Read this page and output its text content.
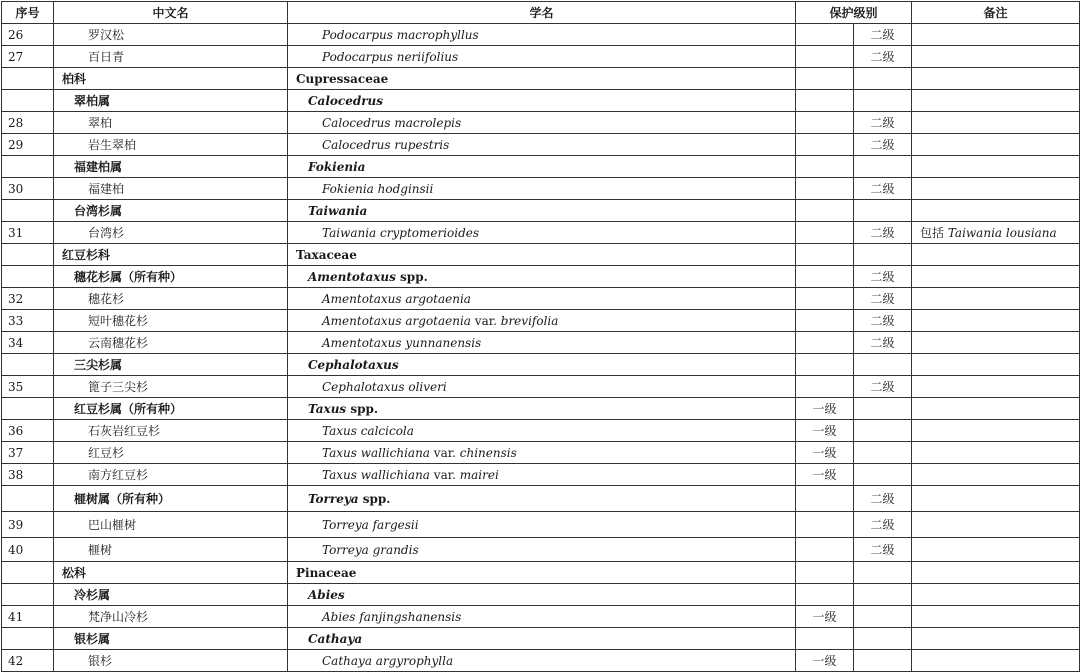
序号	中文名	学名	保护级别		备注
26	罗汉松	Podocarpus macrophyllus		二级	
27	百日青	Podocarpus neriifolius		二级	
	柏科	Cupressaceae			
	翠柏属	Calocedrus			
28	翠柏	Calocedrus macrolepis		二级	
29	岩生翠柏	Calocedrus rupestris		二级	
	福建柏属	Fokienia			
30	福建柏	Fokienia hodginsii		二级	
	台湾杉属	Taiwania			
31	台湾杉	Taiwania cryptomerioides		二级	包括 Taiwania lousiana
	红豆杉科	Taxaceae			
	穗花杉属（所有种）	Amentotaxus spp.		二级	
32	穗花杉	Amentotaxus argotaenia		二级	
33	短叶穗花杉	Amentotaxus argotaenia var. brevifolia		二级	
34	云南穗花杉	Amentotaxus yunnanensis		二级	
	三尖杉属	Cephalotaxus			
35	篦子三尖杉	Cephalotaxus oliveri		二级	
	红豆杉属（所有种）	Taxus spp.	一级		
36	石灰岩红豆杉	Taxus calcicola	一级		
37	红豆杉	Taxus wallichiana var. chinensis	一级		
38	南方红豆杉	Taxus wallichiana var. mairei	一级		
	榧树属（所有种）	Torreya spp.		二级	
39	巴山榧树	Torreya fargesii		二级	
40	榧树	Torreya grandis		二级	
	松科	Pinaceae			
	冷杉属	Abies			
41	梵净山冷杉	Abies fanjingshanensis	一级		
	银杉属	Cathaya			
42	银杉	Cathaya argyrophylla	一级		
